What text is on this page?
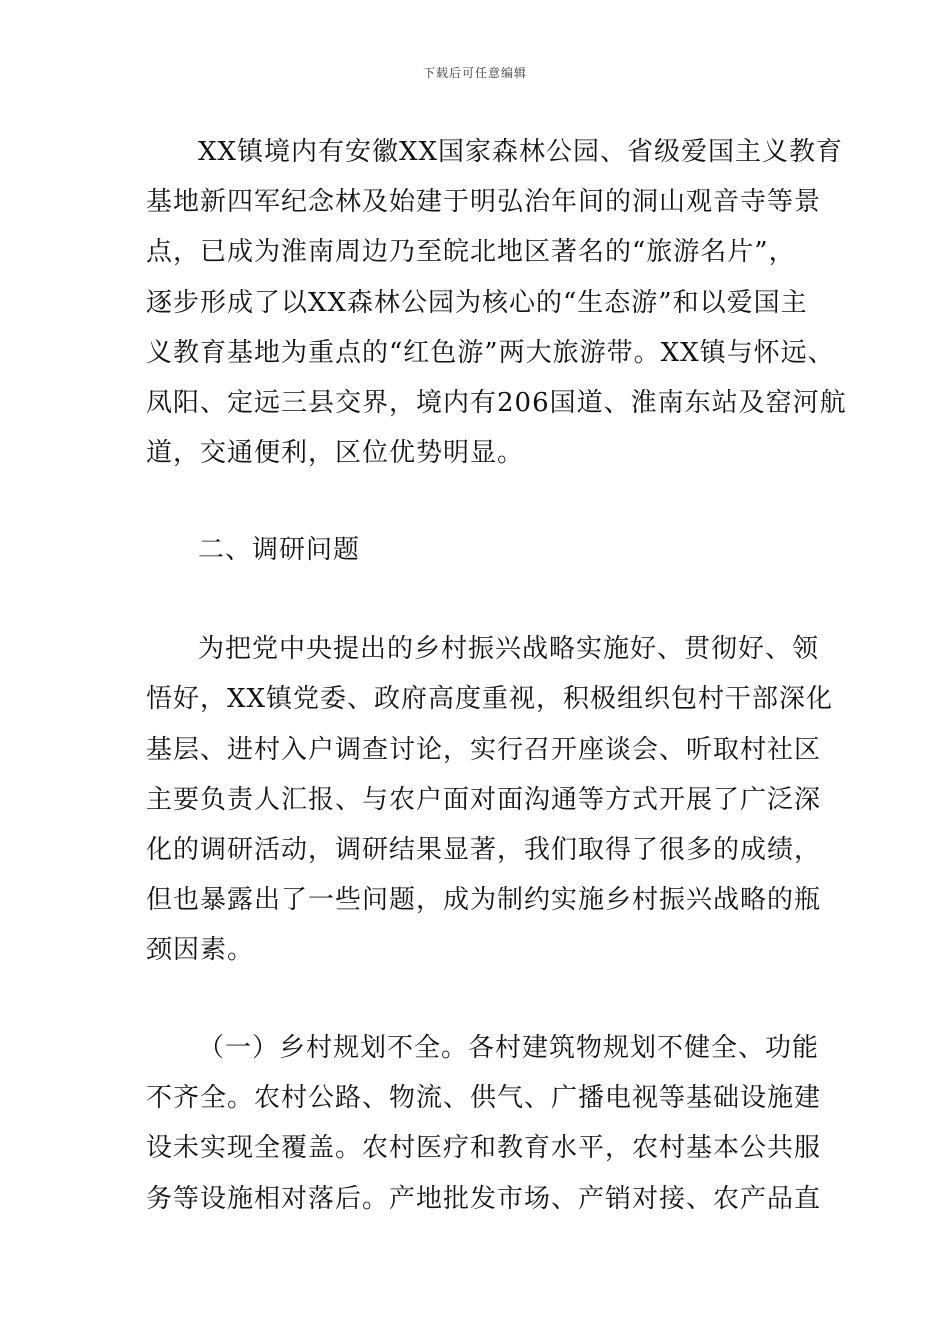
下载后可任意编辑
XX镇境内有安徽XX国家森林公园、省级爱国主义教育
基地新四军纪念林及始建于明弘治年间的洞山观音寺等景
点，已成为淮南周边乃至皖北地区著名的“旅游名片”，
逐步形成了以XX森林公园为核心的“生态游”和以爱国主
义教育基地为重点的“红色游”两大旅游带。XX镇与怀远、
凤阳、定远三县交界，境内有206国道、淮南东站及窑河航
道，交通便利，区位优势明显。
二、调研问题
为把党中央提出的乡村振兴战略实施好、贯彻好、领
悟好，XX镇党委、政府高度重视，积极组织包村干部深化
基层、进村入户调查讨论，实行召开座谈会、听取村社区
主要负责人汇报、与农户面对面沟通等方式开展了广泛深
化的调研活动，调研结果显著，我们取得了很多的成绩，
但也暴露出了一些问题，成为制约实施乡村振兴战略的瓶
颈因素。
（一）乡村规划不全。各村建筑物规划不健全、功能
不齐全。农村公路、物流、供气、广播电视等基础设施建
设未实现全覆盖。农村医疗和教育水平，农村基本公共服
务等设施相对落后。产地批发市场、产销对接、农产品直
